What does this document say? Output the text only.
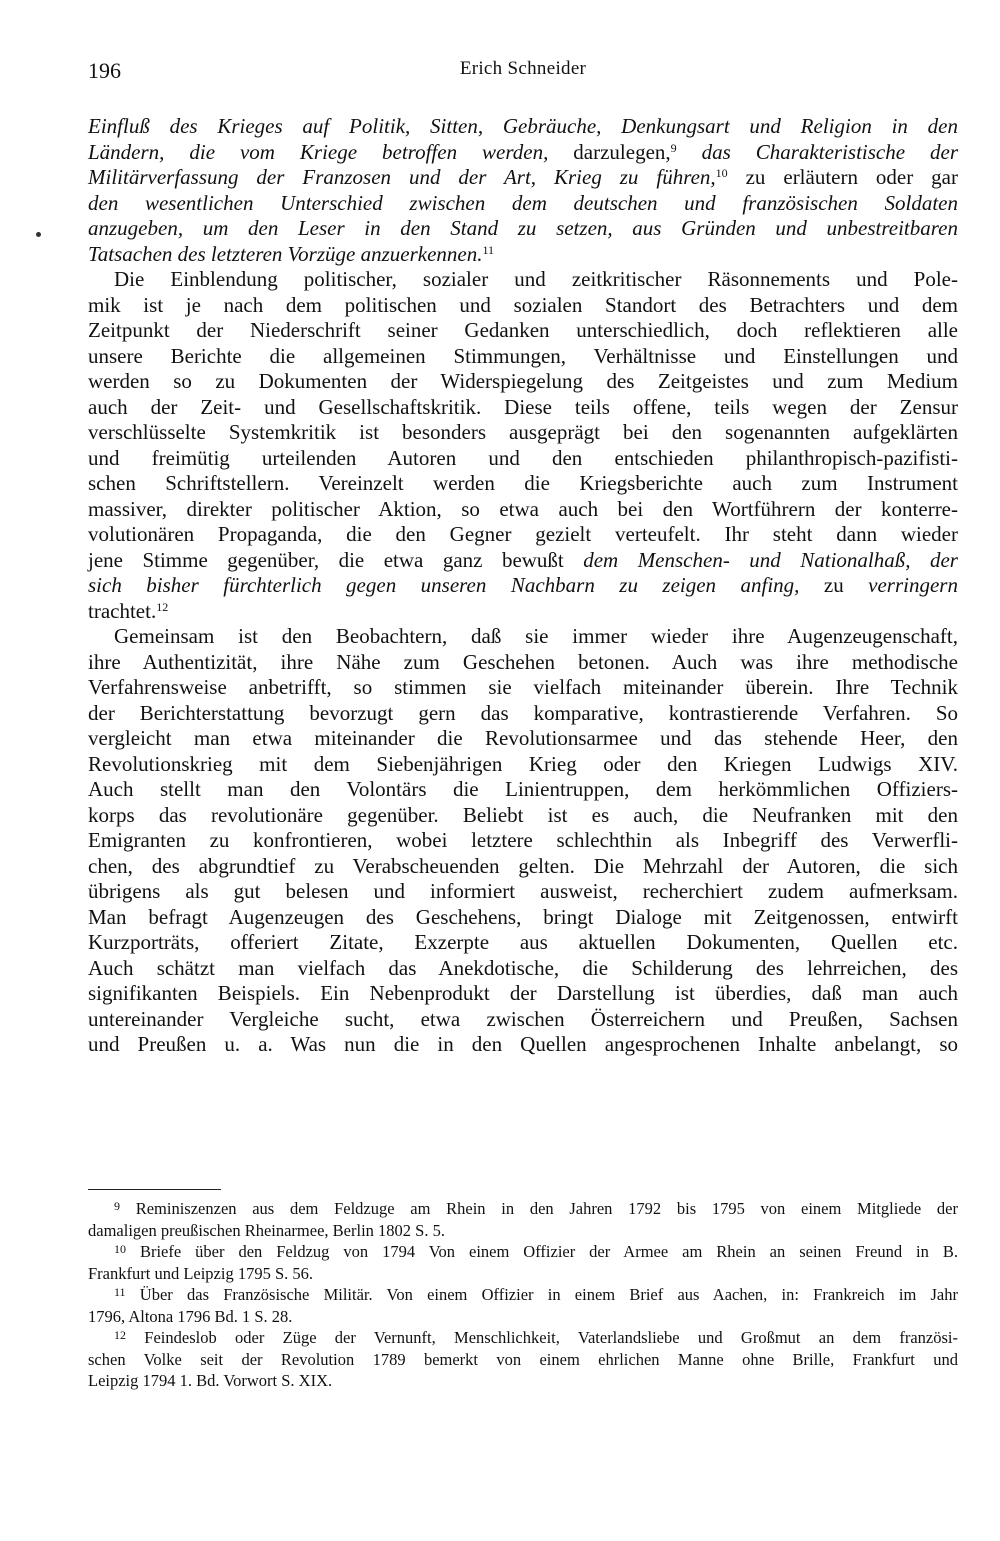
196	Erich Schneider
Einfluß des Krieges auf Politik, Sitten, Gebräuche, Denkungsart und Religion in den
Ländern, die vom Kriege betroffen werden, darzulegen,$^9$ das Charakteristische der
Militärverfassung der Franzosen und der Art, Krieg zu führen,$^{10}$ zu erläutern oder gar
den wesentlichen Unterschied zwischen dem deutschen und französischen Soldaten
anzugeben, um den Leser in den Stand zu setzen, aus Gründen und unbestreitbaren
Tatsachen des letzteren Vorzüge anzuerkennen.$^{11}$
Die Einblendung politischer, sozialer und zeitkritischer Räsonnements und Pole-
mik ist je nach dem politischen und sozialen Standort des Betrachters und dem
Zeitpunkt der Niederschrift seiner Gedanken unterschiedlich, doch reflektieren alle
unsere Berichte die allgemeinen Stimmungen, Verhältnisse und Einstellungen und
werden so zu Dokumenten der Widerspiegelung des Zeitgeistes und zum Medium
auch der Zeit- und Gesellschaftskritik. Diese teils offene, teils wegen der Zensur
verschlüsselte Systemkritik ist besonders ausgeprägt bei den sogenannten aufgeklärten
und freimütig urteilenden Autoren und den entschieden philanthropisch-pazifisti-
schen Schriftstellern. Vereinzelt werden die Kriegsberichte auch zum Instrument
massiver, direkter politischer Aktion, so etwa auch bei den Wortführern der konterre-
volutionären Propaganda, die den Gegner gezielt verteufelt. Ihr steht dann wieder
jene Stimme gegenüber, die etwa ganz bewußt dem Menschen- und Nationalhaß, der
sich bisher fürchterlich gegen unseren Nachbarn zu zeigen anfing, zu verringern
trachtet.$^{12}$
Gemeinsam ist den Beobachtern, daß sie immer wieder ihre Augenzeugenschaft,
ihre Authentizität, ihre Nähe zum Geschehen betonen. Auch was ihre methodische
Verfahrensweise anbetrifft, so stimmen sie vielfach miteinander überein. Ihre Technik
der Berichterstattung bevorzugt gern das komparative, kontrastierende Verfahren. So
vergleicht man etwa miteinander die Revolutionsarmee und das stehende Heer, den
Revolutionskrieg mit dem Siebenjährigen Krieg oder den Kriegen Ludwigs XIV.
Auch stellt man den Volontärs die Linientruppen, dem herkömmlichen Offiziers-
korps das revolutionäre gegenüber. Beliebt ist es auch, die Neufranken mit den
Emigranten zu konfrontieren, wobei letztere schlechthin als Inbegriff des Verwerfli-
chen, des abgrundtief zu Verabscheuenden gelten. Die Mehrzahl der Autoren, die sich
übrigens als gut belesen und informiert ausweist, recherchiert zudem aufmerksam.
Man befragt Augenzeugen des Geschehens, bringt Dialoge mit Zeitgenossen, entwirft
Kurzporträts, offeriert Zitate, Exzerpte aus aktuellen Dokumenten, Quellen etc.
Auch schätzt man vielfach das Anekdotische, die Schilderung des lehrreichen, des
signifikanten Beispiels. Ein Nebenprodukt der Darstellung ist überdies, daß man auch
untereinander Vergleiche sucht, etwa zwischen Österreichern und Preußen, Sachsen
und Preußen u. a. Was nun die in den Quellen angesprochenen Inhalte anbelangt, so
$^9$ Reminiszenzen aus dem Feldzuge am Rhein in den Jahren 1792 bis 1795 von einem Mitgliede der
damaligen preußischen Rheinarmee, Berlin 1802 S. 5.
$^{10}$ Briefe über den Feldzug von 1794 Von einem Offizier der Armee am Rhein an seinen Freund in B.
Frankfurt und Leipzig 1795 S. 56.
$^{11}$ Über das Französische Militär. Von einem Offizier in einem Brief aus Aachen, in: Frankreich im Jahr
1796, Altona 1796 Bd. 1 S. 28.
$^{12}$ Feindeslob oder Züge der Vernunft, Menschlichkeit, Vaterlandsliebe und Großmut an dem französi-
schen Volke seit der Revolution 1789 bemerkt von einem ehrlichen Manne ohne Brille, Frankfurt und
Leipzig 1794 1. Bd. Vorwort S. XIX.
